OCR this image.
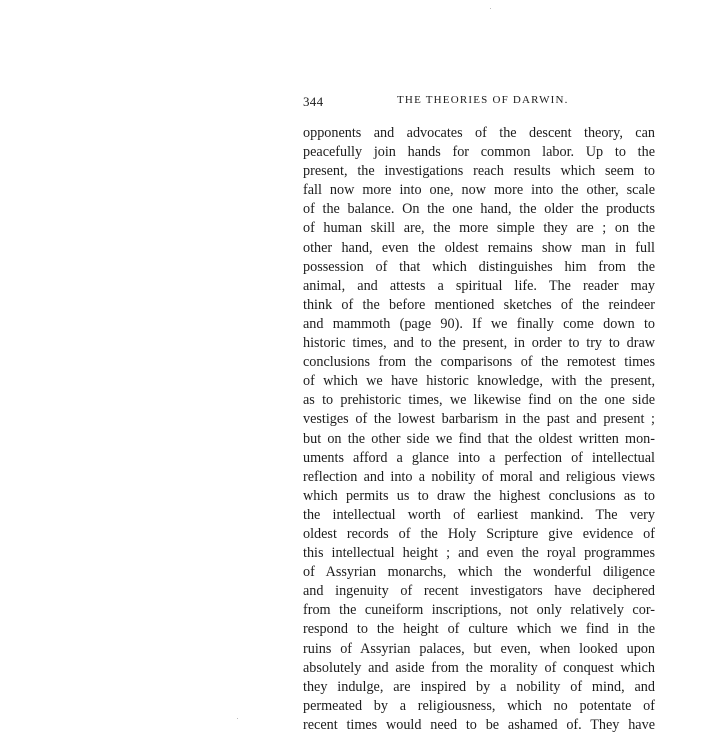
344	THE THEORIES OF DARWIN.
opponents and advocates of the descent theory, can
peacefully join hands for common labor. Up to the
present, the investigations reach results which seem to
fall now more into one, now more into the other, scale
of the balance. On the one hand, the older the products
of human skill are, the more simple they are ; on the
other hand, even the oldest remains show man in full
possession of that which distinguishes him from the
animal, and attests a spiritual life. The reader may
think of the before mentioned sketches of the reindeer
and mammoth (page 90). If we finally come down to
historic times, and to the present, in order to try to draw
conclusions from the comparisons of the remotest times
of which we have historic knowledge, with the present,
as to prehistoric times, we likewise find on the one side
vestiges of the lowest barbarism in the past and present ;
but on the other side we find that the oldest written mon-
uments afford a glance into a perfection of intellectual
reflection and into a nobility of moral and religious views
which permits us to draw the highest conclusions as to
the intellectual worth of earliest mankind. The very
oldest records of the Holy Scripture give evidence of
this intellectual height ; and even the royal programmes
of Assyrian monarchs, which the wonderful diligence
and ingenuity of recent investigators have deciphered
from the cuneiform inscriptions, not only relatively cor-
respond to the height of culture which we find in the
ruins of Assyrian palaces, but even, when looked upon
absolutely and aside from the morality of conquest which
they indulge, are inspired by a nobility of mind, and
permeated by a religiousness, which no potentate of
recent times would need to be ashamed of. They have
